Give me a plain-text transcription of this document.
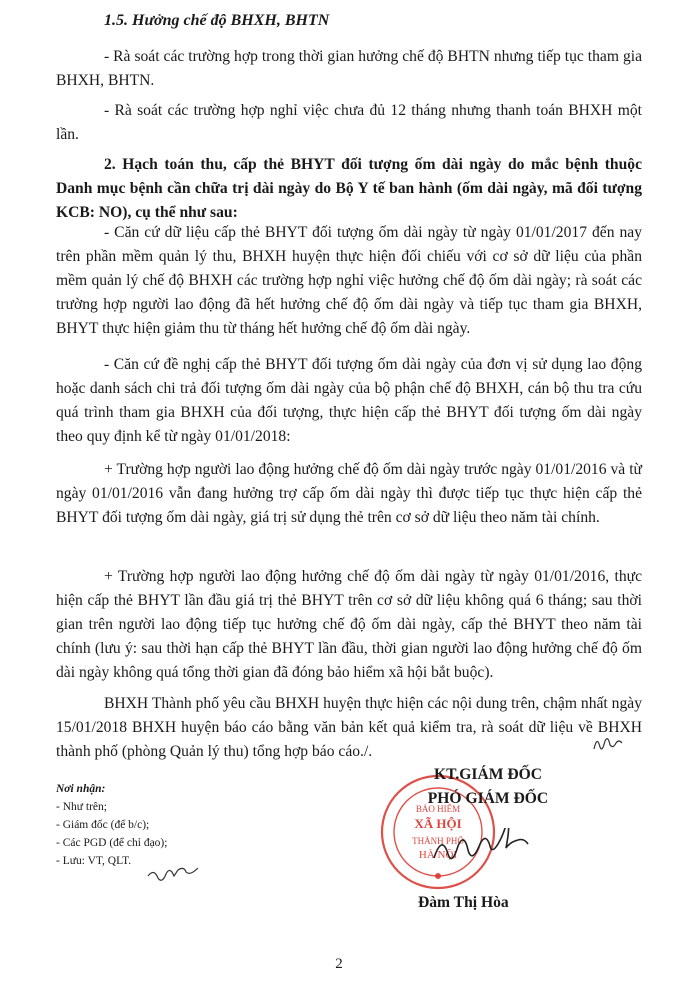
1.5. Hưởng chế độ BHXH, BHTN
- Rà soát các trường hợp trong thời gian hưởng chế độ BHTN nhưng tiếp tục tham gia BHXH, BHTN.
- Rà soát các trường hợp nghỉ việc chưa đủ 12 tháng nhưng thanh toán BHXH một lần.
2. Hạch toán thu, cấp thẻ BHYT đối tượng ốm dài ngày do mắc bệnh thuộc Danh mục bệnh cần chữa trị dài ngày do Bộ Y tế ban hành (ốm dài ngày, mã đối tượng KCB: NO), cụ thể như sau:
- Căn cứ dữ liệu cấp thẻ BHYT đối tượng ốm dài ngày từ ngày 01/01/2017 đến nay trên phần mềm quản lý thu, BHXH huyện thực hiện đối chiếu với cơ sở dữ liệu của phần mềm quản lý chế độ BHXH các trường hợp nghỉ việc hưởng chế độ ốm dài ngày; rà soát các trường hợp người lao động đã hết hưởng chế độ ốm dài ngày và tiếp tục tham gia BHXH, BHYT thực hiện giảm thu từ tháng hết hưởng chế độ ốm dài ngày.
- Căn cứ đề nghị cấp thẻ BHYT đối tượng ốm dài ngày của đơn vị sử dụng lao động hoặc danh sách chi trả đối tượng ốm dài ngày của bộ phận chế độ BHXH, cán bộ thu tra cứu quá trình tham gia BHXH của đối tượng, thực hiện cấp thẻ BHYT đối tượng ốm dài ngày theo quy định kể từ ngày 01/01/2018:
+ Trường hợp người lao động hưởng chế độ ốm dài ngày trước ngày 01/01/2016 và từ ngày 01/01/2016 vẫn đang hưởng trợ cấp ốm dài ngày thì được tiếp tục thực hiện cấp thẻ BHYT đối tượng ốm dài ngày, giá trị sử dụng thẻ trên cơ sở dữ liệu theo năm tài chính.
+ Trường hợp người lao động hưởng chế độ ốm dài ngày từ ngày 01/01/2016, thực hiện cấp thẻ BHYT lần đầu giá trị thẻ BHYT trên cơ sở dữ liệu không quá 6 tháng; sau thời gian trên người lao động tiếp tục hưởng chế độ ốm dài ngày, cấp thẻ BHYT theo năm tài chính (lưu ý: sau thời hạn cấp thẻ BHYT lần đầu, thời gian người lao động hưởng chế độ ốm dài ngày không quá tổng thời gian đã đóng bảo hiểm xã hội bắt buộc).
BHXH Thành phố yêu cầu BHXH huyện thực hiện các nội dung trên, chậm nhất ngày 15/01/2018 BHXH huyện báo cáo bằng văn bản kết quả kiểm tra, rà soát dữ liệu về BHXH thành phố (phòng Quản lý thu) tổng hợp báo cáo./.
Nơi nhận:
- Như trên;
- Giám đốc (để b/c);
- Các PGD (để chỉ đạo);
- Lưu: VT, QLT.
BẢO HIỂM
XÃ HỘI
THÀNH PHỐ
HÀ NỘI
KT.GIÁM ĐỐC
PHÓ GIÁM ĐỐC
Đàm Thị Hòa
2
